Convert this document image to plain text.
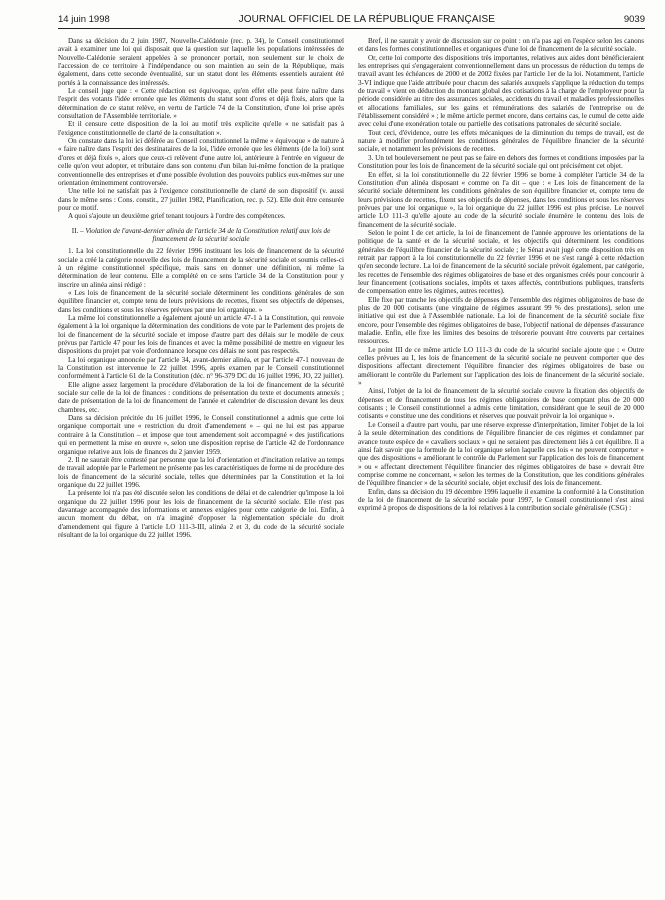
14 juin 1998	JOURNAL OFFICIEL DE LA RÉPUBLIQUE FRANÇAISE	9039

Dans sa décision du 2 juin 1987, Nouvelle-Calédonie (rec. p. 34), le Conseil constitutionnel avait à examiner une loi qui disposait que la question sur laquelle les populations intéressées de Nouvelle-Calédonie seraient appelées à se prononcer portait, non seulement sur le choix de l'accession de ce territoire à l'indépendance ou son maintien au sein de la République, mais également, dans cette seconde éventualité, sur un statut dont les éléments essentiels auraient été portés à la connaissance des intéressés.

Le conseil juge que : « Cette rédaction est équivoque, qu'en effet elle peut faire naître dans l'esprit des votants l'idée erronée que les éléments du statut sont d'ores et déjà fixés, alors que la détermination de ce statut relève, en vertu de l'article 74 de la Constitution, d'une loi prise après consultation de l'Assemblée territoriale. »

Et il censure cette disposition de la loi au motif très explicite qu'elle « ne satisfait pas à l'exigence constitutionnelle de clarté de la consultation ».

On constate dans la loi ici déférée au Conseil constitutionnel la même « équivoque » de nature à « faire naître dans l'esprit des destinataires de la loi, l'idée erronée que les éléments (de la loi) sont d'ores et déjà fixés », alors que ceux-ci relèvent d'une autre loi, antérieure à l'entrée en vigueur de celle qu'on veut adopter, et tributaire dans son contenu d'un bilan lui-même fonction de la pratique conventionnelle des entreprises et d'une possible évolution des pouvoirs publics eux-mêmes sur une orientation éminemment controversée.

Une telle loi ne satisfait pas à l'exigence constitutionnelle de clarté de son dispositif (v. aussi dans le même sens : Cons. constit., 27 juillet 1982, Planification, rec. p. 52). Elle doit être censurée pour ce motif.

A quoi s'ajoute un deuxième grief tenant toujours à l'ordre des compétences.

II. – Violation de l'avant-dernier alinéa de l'article 34 de la Constitution relatif aux lois de financement de la sécurité sociale

1. La loi constitutionnelle du 22 février 1996 instituant les lois de financement de la sécurité sociale a créé la catégorie nouvelle des lois de financement de la sécurité sociale et soumis celles-ci à un régime constitutionnel spécifique, mais sans en donner une définition, ni même la détermination de leur contenu. Elle a complété en ce sens l'article 34 de la Constitution pour y inscrire un alinéa ainsi rédigé :

« Les lois de financement de la sécurité sociale déterminent les conditions générales de son équilibre financier et, compte tenu de leurs prévisions de recettes, fixent ses objectifs de dépenses, dans les conditions et sous les réserves prévues par une loi organique. »

La même loi constitutionnelle a également ajouté un article 47-1 à la Constitution, qui renvoie également à la loi organique la détermination des conditions de vote par le Parlement des projets de loi de financement de la sécurité sociale et impose d'autre part des délais sur le modèle de ceux prévus par l'article 47 pour les lois de finances et avec la même possibilité de mettre en vigueur les dispositions du projet par voie d'ordonnance lorsque ces délais ne sont pas respectés.

La loi organique annoncée par l'article 34, avant-dernier alinéa, et par l'article 47-1 nouveau de la Constitution est intervenue le 22 juillet 1996, après examen par le Conseil constitutionnel conformément à l'article 61 de la Constitution (déc. n° 96-379 DC du 16 juillet 1996, JO, 22 juillet).

Elle aligne assez largement la procédure d'élaboration de la loi de financement de la sécurité sociale sur celle de la loi de finances : conditions de présentation du texte et documents annexés ; date de présentation de la loi de financement de l'année et calendrier de discussion devant les deux chambres, etc.

Dans sa décision précitée du 16 juillet 1996, le Conseil constitutionnel a admis que cette loi organique comportait une « restriction du droit d'amendement » – qui ne lui est pas apparue contraire à la Constitution – et impose que tout amendement soit accompagné « des justifications qui en permettent la mise en œuvre », selon une disposition reprise de l'article 42 de l'ordonnance organique relative aux lois de finances du 2 janvier 1959.

2. Il ne saurait être contesté par personne que la loi d'orientation et d'incitation relative au temps de travail adoptée par le Parlement ne présente pas les caractéristiques de forme ni de procédure des lois de financement de la sécurité sociale, telles que déterminées par la Constitution et la loi organique du 22 juillet 1996.

La présente loi n'a pas été discutée selon les conditions de délai et de calendrier qu'impose la loi organique du 22 juillet 1996 pour les lois de financement de la sécurité sociale. Elle n'est pas davantage accompagnée des informations et annexes exigées pour cette catégorie de loi. Enfin, à aucun moment du débat, on n'a imaginé d'opposer la réglementation spéciale du droit d'amendement qui figure à l'article LO 111-3-III, alinéa 2 et 3, du code de la sécurité sociale résultant de la loi organique du 22 juillet 1996.

Bref, il ne saurait y avoir de discussion sur ce point : on n'a pas agi en l'espèce selon les canons et dans les formes constitutionnelles et organiques d'une loi de financement de la sécurité sociale.

Or, cette loi comporte des dispositions très importantes, relatives aux aides dont bénéficieraient les entreprises qui s'engageraient conventionnellement dans un processus de réduction du temps de travail avant les échéances de 2000 et de 2002 fixées par l'article 1er de la loi. Notamment, l'article 3-VI indique que l'aide attribuée pour chacun des salariés auxquels s'applique la réduction du temps de travail « vient en déduction du montant global des cotisations à la charge de l'employeur pour la période considérée au titre des assurances sociales, accidents du travail et maladies professionnelles et allocations familiales, sur les gains et rémunérations des salariés de l'entreprise ou de l'établissement considéré » ; le même article permet encore, dans certains cas, le cumul de cette aide avec celui d'une exonération totale ou partielle des cotisations patronales de sécurité sociale.

Tout ceci, d'évidence, outre les effets mécaniques de la diminution du temps de travail, est de nature à modifier profondément les conditions générales de l'équilibre financier de la sécurité sociale, et notamment les prévisions de recettes.

3. Un tel bouleversement ne peut pas se faire en dehors des formes et conditions imposées par la Constitution pour les lois de financement de la sécurité sociale qui ont précisément cet objet.

En effet, si la loi constitutionnelle du 22 février 1996 se borne à compléter l'article 34 de la Constitution d'un alinéa disposant « comme on l'a dit – que : « Les lois de financement de la sécurité sociale déterminent les conditions générales de son équilibre financier et, compte tenu de leurs prévisions de recettes, fixent ses objectifs de dépenses, dans les conditions et sous les réserves prévues par une loi organique », la loi organique du 22 juillet 1996 est plus précise. Le nouvel article LO 111-3 qu'elle ajoute au code de la sécurité sociale énumère le contenu des lois de financement de la sécurité sociale.

Selon le point I de cet article, la loi de financement de l'année approuve les orientations de la politique de la santé et de la sécurité sociale, et les objectifs qui déterminent les conditions générales de l'équilibre financier de la sécurité sociale ; le Sénat avait jugé cette disposition très en retrait par rapport à la loi constitutionnelle du 22 février 1996 et ne s'est rangé à cette rédaction qu'en seconde lecture. La loi de financement de la sécurité sociale prévoit également, par catégorie, les recettes de l'ensemble des régimes obligatoires de base et des organismes créés pour concourir à leur financement (cotisations sociales, impôts et taxes affectés, contributions publiques, transferts de compensation entre les régimes, autres recettes).

Elle fixe par tranche les objectifs de dépenses de l'ensemble des régimes obligatoires de base de plus de 20 000 cotisants (une vingtaine de régimes assurant 99 % des prestations), selon une initiative qui est due à l'Assemblée nationale. La loi de financement de la sécurité sociale fixe encore, pour l'ensemble des régimes obligatoires de base, l'objectif national de dépenses d'assurance maladie. Enfin, elle fixe les limites des besoins de trésorerie pouvant être couverts par certaines ressources.

Le point III de ce même article LO 111-3 du code de la sécurité sociale ajoute que : « Outre celles prévues au I, les lois de financement de la sécurité sociale ne peuvent comporter que des dispositions affectant directement l'équilibre financier des régimes obligatoires de base ou améliorant le contrôle du Parlement sur l'application des lois de financement de la sécurité sociale. »

Ainsi, l'objet de la loi de financement de la sécurité sociale couvre la fixation des objectifs de dépenses et de financement de tous les régimes obligatoires de base comptant plus de 20 000 cotisants ; le Conseil constitutionnel a admis cette limitation, considérant que le seuil de 20 000 cotisants « constitue une des conditions et réserves que pouvait prévoir la loi organique ».

Le Conseil a d'autre part voulu, par une réserve expresse d'interprétation, limiter l'objet de la loi à la seule détermination des conditions de l'équilibre financier de ces régimes et condamner par avance toute espèce de « cavaliers sociaux » qui ne seraient pas directement liés à cet équilibre. Il a ainsi fait savoir que la formule de la loi organique selon laquelle ces lois « ne peuvent comporter » que des dispositions « améliorant le contrôle du Parlement sur l'application des lois de financement » ou « affectant directement l'équilibre financier des régimes obligatoires de base » devrait être comprise comme ne concernant, « selon les termes de la Constitution, que les conditions générales de l'équilibre financier » de la sécurité sociale, objet exclusif des lois de financement.

Enfin, dans sa décision du 19 décembre 1996 laquelle il examine la conformité à la Constitution de la loi de financement de la sécurité sociale pour 1997, le Conseil constitutionnel s'est ainsi exprimé à propos de dispositions de la loi relatives à la contribution sociale généralisée (CSG) :
